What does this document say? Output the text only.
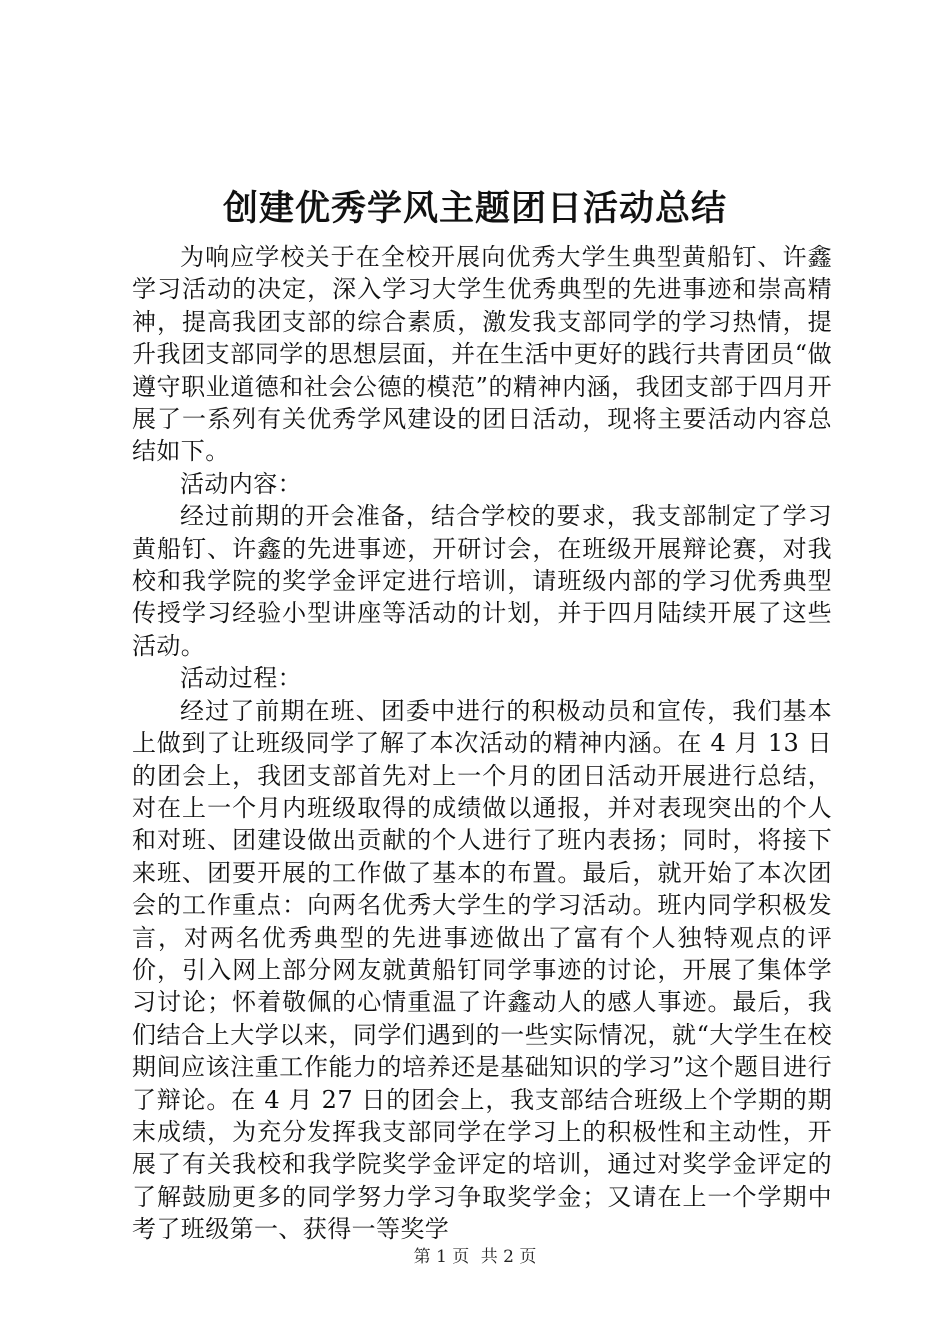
创建优秀学风主题团日活动总结

为响应学校关于在全校开展向优秀大学生典型黄船钉、许鑫学习活动的决定，深入学习大学生优秀典型的先进事迹和崇高精神，提高我团支部的综合素质，激发我支部同学的学习热情，提升我团支部同学的思想层面，并在生活中更好的践行共青团员“做遵守职业道德和社会公德的模范”的精神内涵，我团支部于四月开展了一系列有关优秀学风建设的团日活动，现将主要活动内容总结如下。

活动内容：

经过前期的开会准备，结合学校的要求，我支部制定了学习黄船钉、许鑫的先进事迹，开研讨会，在班级开展辩论赛，对我校和我学院的奖学金评定进行培训，请班级内部的学习优秀典型传授学习经验小型讲座等活动的计划，并于四月陆续开展了这些活动。

活动过程：

经过了前期在班、团委中进行的积极动员和宣传，我们基本上做到了让班级同学了解了本次活动的精神内涵。在 4 月 13 日的团会上，我团支部首先对上一个月的团日活动开展进行总结，对在上一个月内班级取得的成绩做以通报，并对表现突出的个人和对班、团建设做出贡献的个人进行了班内表扬；同时，将接下来班、团要开展的工作做了基本的布置。最后，就开始了本次团会的工作重点：向两名优秀大学生的学习活动。班内同学积极发言，对两名优秀典型的先进事迹做出了富有个人独特观点的评价，引入网上部分网友就黄船钉同学事迹的讨论，开展了集体学习讨论；怀着敬佩的心情重温了许鑫动人的感人事迹。最后，我们结合上大学以来，同学们遇到的一些实际情况，就“大学生在校期间应该注重工作能力的培养还是基础知识的学习”这个题目进行了辩论。在 4 月 27 日的团会上，我支部结合班级上个学期的期末成绩，为充分发挥我支部同学在学习上的积极性和主动性，开展了有关我校和我学院奖学金评定的培训，通过对奖学金评定的了解鼓励更多的同学努力学习争取奖学金；又请在上一个学期中考了班级第一、获得一等奖学

第 1 页 共 2 页
